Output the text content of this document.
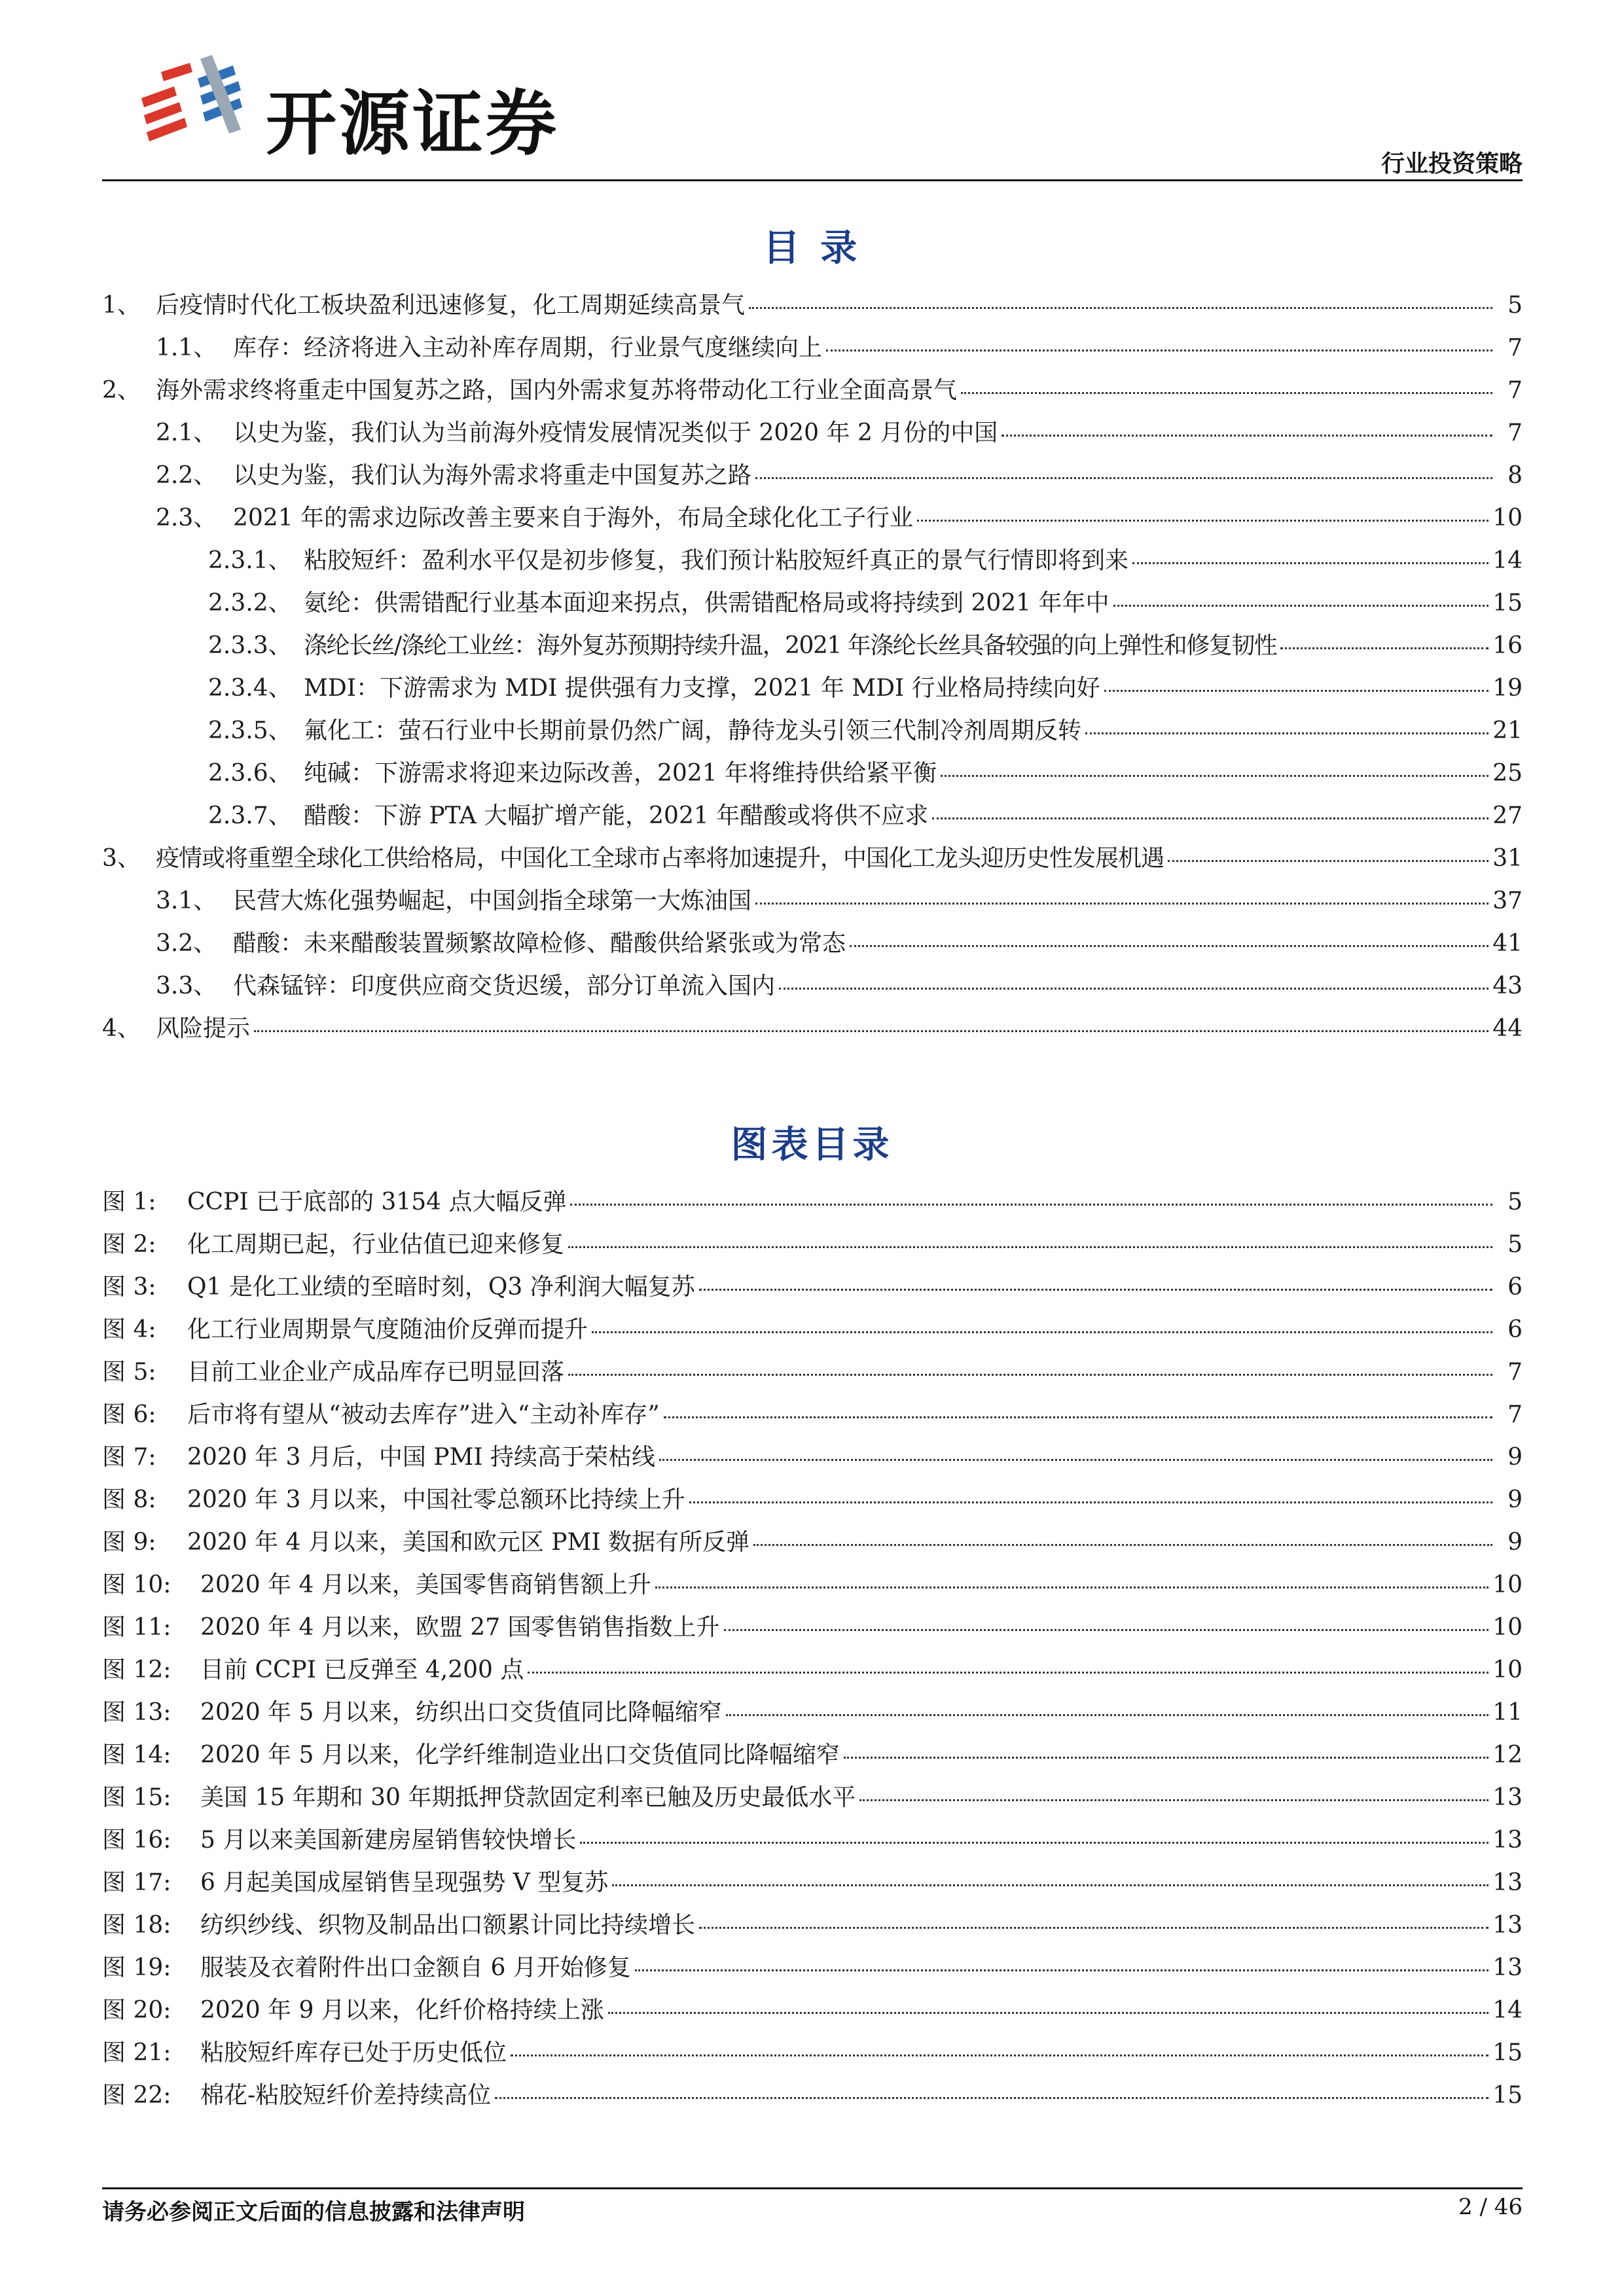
开源证券	行业投资策略
目 录
1、 后疫情时代化工板块盈利迅速修复，化工周期延续高景气	5
1.1、 库存：经济将进入主动补库存周期，行业景气度继续向上	7
2、 海外需求终将重走中国复苏之路，国内外需求复苏将带动化工行业全面高景气	7
2.1、 以史为鉴，我们认为当前海外疫情发展情况类似于 2020 年 2 月份的中国	7
2.2、 以史为鉴，我们认为海外需求将重走中国复苏之路	8
2.3、 2021 年的需求边际改善主要来自于海外，布局全球化化工子行业	10
2.3.1、 粘胶短纤：盈利水平仅是初步修复，我们预计粘胶短纤真正的景气行情即将到来	14
2.3.2、 氨纶：供需错配行业基本面迎来拐点，供需错配格局或将持续到 2021 年年中	15
2.3.3、 涤纶长丝/涤纶工业丝：海外复苏预期持续升温，2021 年涤纶长丝具备较强的向上弹性和修复韧性	16
2.3.4、 MDI：下游需求为 MDI 提供强有力支撑，2021 年 MDI 行业格局持续向好	19
2.3.5、 氟化工：萤石行业中长期前景仍然广阔，静待龙头引领三代制冷剂周期反转	21
2.3.6、 纯碱：下游需求将迎来边际改善，2021 年将维持供给紧平衡	25
2.3.7、 醋酸：下游 PTA 大幅扩增产能，2021 年醋酸或将供不应求	27
3、 疫情或将重塑全球化工供给格局，中国化工全球市占率将加速提升，中国化工龙头迎历史性发展机遇	31
3.1、 民营大炼化强势崛起，中国剑指全球第一大炼油国	37
3.2、 醋酸：未来醋酸装置频繁故障检修、醋酸供给紧张或为常态	41
3.3、 代森锰锌：印度供应商交货迟缓，部分订单流入国内	43
4、 风险提示	44
图表目录
图 1:	CCPI 已于底部的 3154 点大幅反弹	5
图 2:	化工周期已起，行业估值已迎来修复	5
图 3:	Q1 是化工业绩的至暗时刻，Q3 净利润大幅复苏	6
图 4:	化工行业周期景气度随油价反弹而提升	6
图 5:	目前工业企业产成品库存已明显回落	7
图 6:	后市将有望从“被动去库存”进入“主动补库存”	7
图 7:	2020 年 3 月后，中国 PMI 持续高于荣枯线	9
图 8:	2020 年 3 月以来，中国社零总额环比持续上升	9
图 9:	2020 年 4 月以来，美国和欧元区 PMI 数据有所反弹	9
图 10:	2020 年 4 月以来，美国零售商销售额上升	10
图 11:	2020 年 4 月以来，欧盟 27 国零售销售指数上升	10
图 12:	目前 CCPI 已反弹至 4,200 点	10
图 13:	2020 年 5 月以来，纺织出口交货值同比降幅缩窄	11
图 14:	2020 年 5 月以来，化学纤维制造业出口交货值同比降幅缩窄	12
图 15:	美国 15 年期和 30 年期抵押贷款固定利率已触及历史最低水平	13
图 16:	5 月以来美国新建房屋销售较快增长	13
图 17:	6 月起美国成屋销售呈现强势 V 型复苏	13
图 18:	纺织纱线、织物及制品出口额累计同比持续增长	13
图 19:	服装及衣着附件出口金额自 6 月开始修复	13
图 20:	2020 年 9 月以来，化纤价格持续上涨	14
图 21:	粘胶短纤库存已处于历史低位	15
图 22:	棉花-粘胶短纤价差持续高位	15
请务必参阅正文后面的信息披露和法律声明	2 / 46
